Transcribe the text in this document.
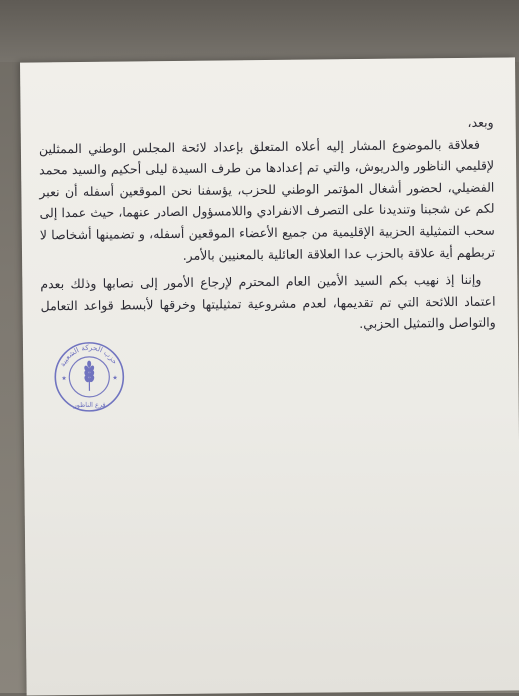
وبعد،

فعلاقة بالموضوع المشار إليه أعلاه المتعلق بإعداد لائحة المجلس الوطني الممثلين لإقليمي الناظور والدريوش، والتي تم إعدادها من طرف السيدة ليلى أحكيم والسيد محمد الفضيلي، لحضور أشغال المؤتمر الوطني للحزب، يؤسفنا نحن الموقعين أسفله أن نعبر لكم عن شجبنا وتنديدنا على التصرف الانفرادي واللامسؤول الصادر عنهما، حيث عمدا إلى سحب التمثيلية الحزبية الإقليمية من جميع الأعضاء الموقعين أسفله، و تضمينها أشخاصا لا تربطهم أية علاقة بالحزب عدا العلاقة العائلية بالمعنيين بالأمر.

وإننا إذ نهيب بكم السيد الأمين العام المحترم لإرجاع الأمور إلى نصابها وذلك بعدم اعتماد اللائحة التي تم تقديمها، لعدم مشروعية تمثيليتها وخرقها لأبسط قواعد التعامل والتواصل والتمثيل الحزبي.

حزب الحركة الشعبية
فرع الناظور
★	★
